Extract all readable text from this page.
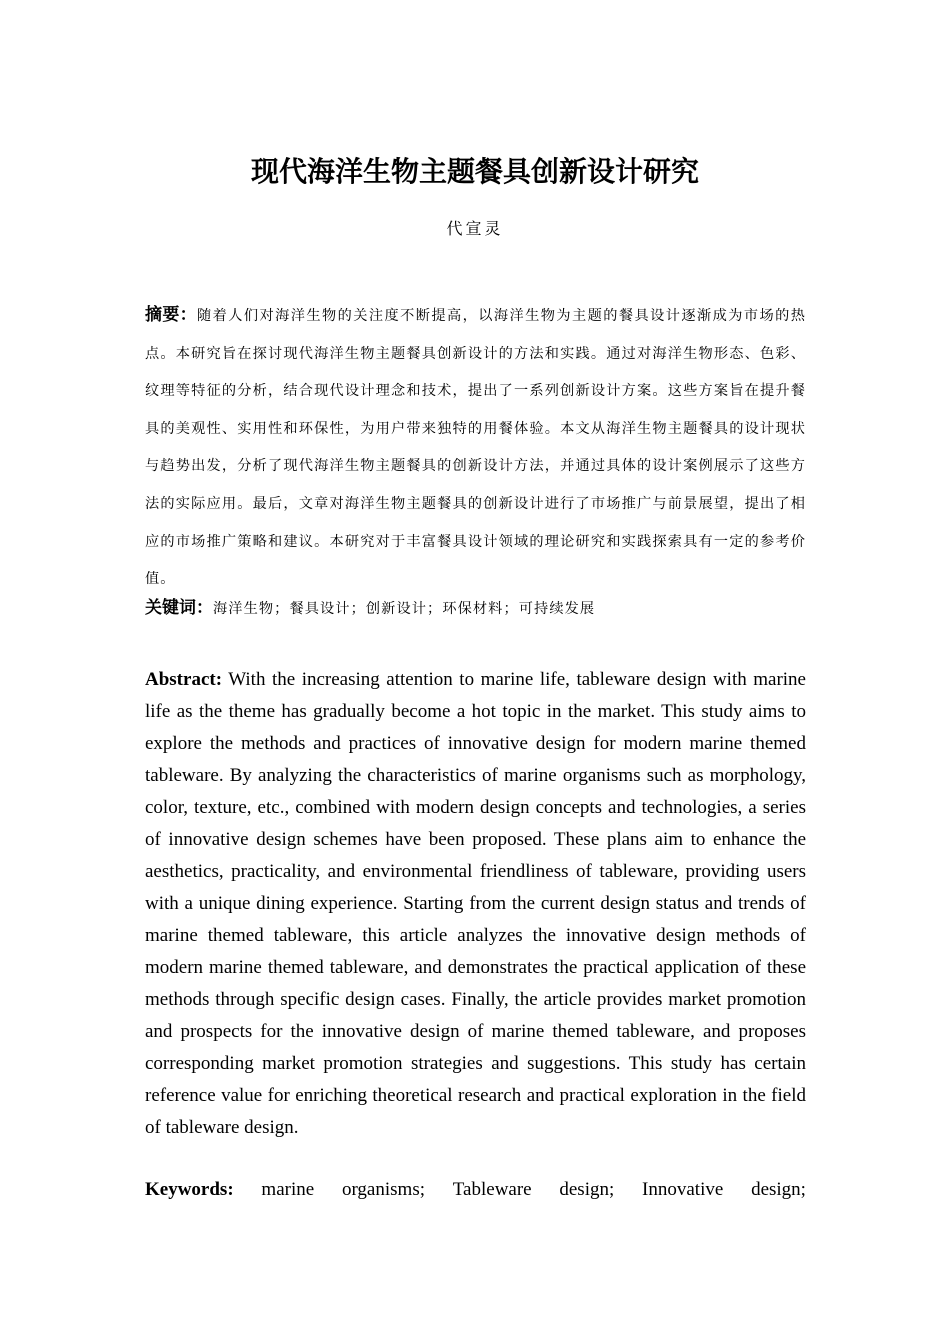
现代海洋生物主题餐具创新设计研究
代宣灵

摘要：随着人们对海洋生物的关注度不断提高，以海洋生物为主题的餐具设计逐渐成为市场的热点。本研究旨在探讨现代海洋生物主题餐具创新设计的方法和实践。通过对海洋生物形态、色彩、纹理等特征的分析，结合现代设计理念和技术，提出了一系列创新设计方案。这些方案旨在提升餐具的美观性、实用性和环保性，为用户带来独特的用餐体验。本文从海洋生物主题餐具的设计现状与趋势出发，分析了现代海洋生物主题餐具的创新设计方法，并通过具体的设计案例展示了这些方法的实际应用。最后，文章对海洋生物主题餐具的创新设计进行了市场推广与前景展望，提出了相应的市场推广策略和建议。本研究对于丰富餐具设计领域的理论研究和实践探索具有一定的参考价值。

关键词：海洋生物；餐具设计；创新设计；环保材料；可持续发展

Abstract: With the increasing attention to marine life, tableware design with marine life as the theme has gradually become a hot topic in the market. This study aims to explore the methods and practices of innovative design for modern marine themed tableware. By analyzing the characteristics of marine organisms such as morphology, color, texture, etc., combined with modern design concepts and technologies, a series of innovative design schemes have been proposed. These plans aim to enhance the aesthetics, practicality, and environmental friendliness of tableware, providing users with a unique dining experience. Starting from the current design status and trends of marine themed tableware, this article analyzes the innovative design methods of modern marine themed tableware, and demonstrates the practical application of these methods through specific design cases. Finally, the article provides market promotion and prospects for the innovative design of marine themed tableware, and proposes corresponding market promotion strategies and suggestions. This study has certain reference value for enriching theoretical research and practical exploration in the field of tableware design.

Keywords: marine organisms; Tableware design; Innovative design;
